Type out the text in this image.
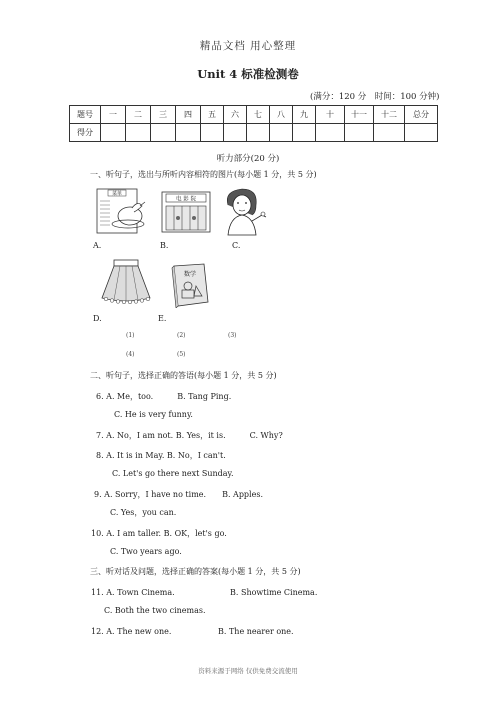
精品文档 用心整理
Unit 4 标准检测卷
(满分：120 分　时间：100 分钟)
题号	一	二	三	四	五	六	七	八	九	十	十一	十二	总分
得分													
听力部分(20 分)
一、听句子，选出与所听内容相符的图片(每小题 1 分，共 5 分)
菜单
电 影 院
A.	B.	C.
数学
D.	E.
(1)	(2)	(3)
(4)	(5)
二、听句子，选择正确的答语(每小题 1 分，共 5 分)
6. A. Me，too.　　　B. Tang Ping.
C. He is very funny.
7. A. No，I am not. B. Yes，it is.　　　C. Why?
8. A. It is in May. B. No，I can't.
C. Let's go there next Sunday.
9. A. Sorry，I have no time.　　B. Apples.
C. Yes，you can.
10. A. I am taller. B. OK，let's go.
C. Two years ago.
三、听对话及问题，选择正确的答案(每小题 1 分，共 5 分)
11. A. Town Cinema.	B. Showtime Cinema.
C. Both the two cinemas.
12. A. The new one.	B. The nearer one.
资料来源于网络 仅供免费交流使用
